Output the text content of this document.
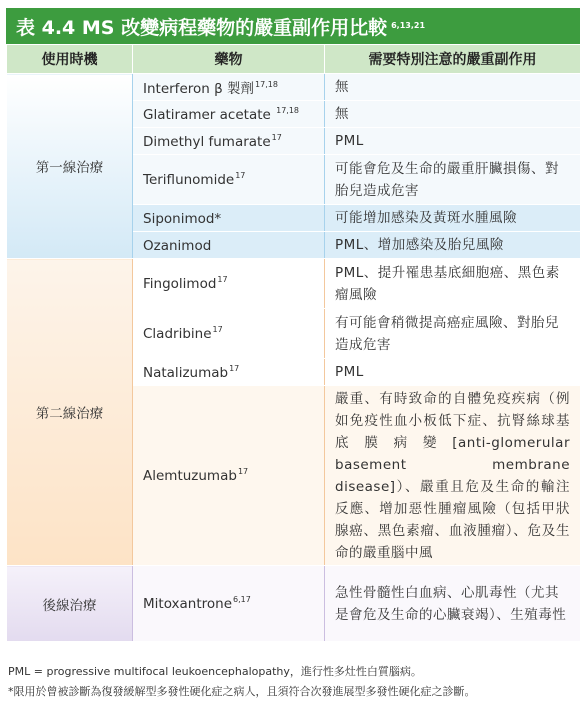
表 4.4 MS 改變病程藥物的嚴重副作用比較 $^{6,13,21}$
使用時機	藥物	需要特別注意的嚴重副作用
第一線治療	Interferon β 製劑$^{17,18}$	無
	Glatiramer acetate $^{17,18}$	無
	Dimethyl fumarate$^{17}$	PML
	Teriflunomide$^{17}$	可能會危及生命的嚴重肝臟損傷、對胎兒造成危害
	Siponimod*	可能增加感染及黃斑水腫風險
	Ozanimod	PML、增加感染及胎兒風險
第二線治療	Fingolimod$^{17}$	PML、提升罹患基底細胞癌、黑色素瘤風險
	Cladribine$^{17}$	有可能會稍微提高癌症風險、對胎兒造成危害
	Natalizumab$^{17}$	PML
	Alemtuzumab$^{17}$	嚴重、有時致命的自體免疫疾病（例如免疫性血小板低下症、抗腎絲球基底膜病變[anti-glomerular basement membrane disease]）、嚴重且危及生命的輸注反應、增加惡性腫瘤風險（包括甲狀腺癌、黑色素瘤、血液腫瘤）、危及生命的嚴重腦中風
後線治療	Mitoxantrone$^{6,17}$	急性骨髓性白血病、心肌毒性（尤其是會危及生命的心臟衰竭）、生殖毒性
PML = progressive multifocal leukoencephalopathy，進行性多灶性白質腦病。
*限用於曾被診斷為復發緩解型多發性硬化症之病人，且須符合次發進展型多發性硬化症之診斷。
